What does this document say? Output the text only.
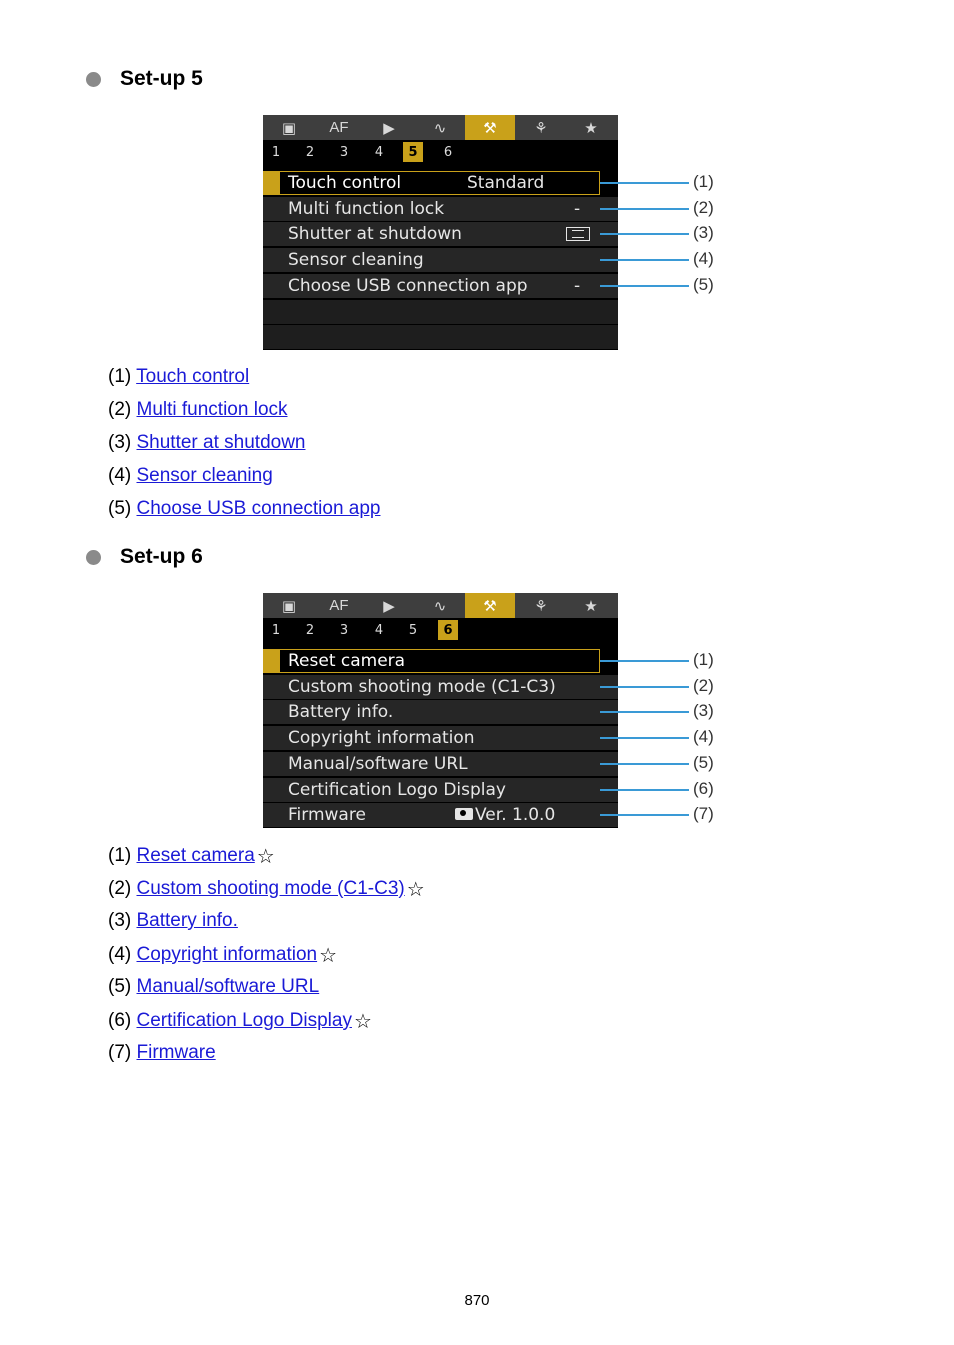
Set-up 5
▣	AF	▶	∿	⚒	⚘	★
1	2	3	4	5	6
Touch control	Standard
Multi function lock	-
Shutter at shutdown
Sensor cleaning
Choose USB connection app	-
(1)
(2)
(3)
(4)
(5)
(1) Touch control
(2) Multi function lock
(3) Shutter at shutdown
(4) Sensor cleaning
(5) Choose USB connection app
Set-up 6
▣	AF	▶	∿	⚒	⚘	★
1	2	3	4	5	6
Reset camera
Custom shooting mode (C1-C3)
Battery info.
Copyright information
Manual/software URL
Certification Logo Display
Firmware	Ver. 1.0.0
(1)
(2)
(3)
(4)
(5)
(6)
(7)
(1) Reset camera ☆
(2) Custom shooting mode (C1-C3) ☆
(3) Battery info.
(4) Copyright information ☆
(5) Manual/software URL
(6) Certification Logo Display ☆
(7) Firmware
870
